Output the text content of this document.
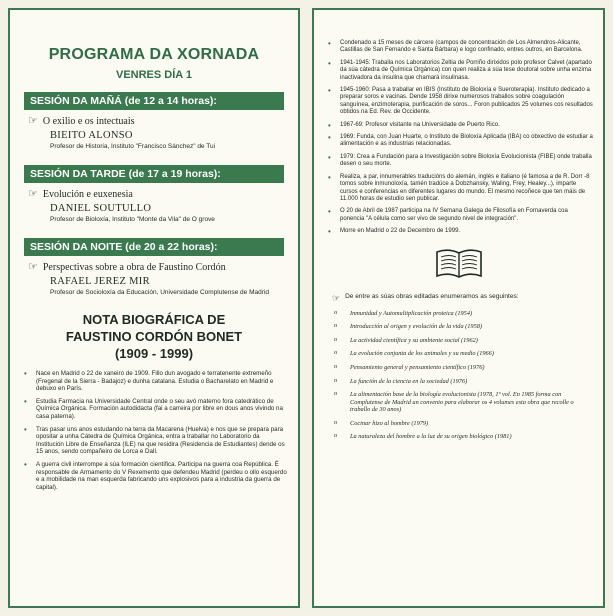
PROGRAMA DA XORNADA
VENRES DÍA 1
SESIÓN DA MAÑÁ (de 12 a 14 horas):
☞ O exilio e os intectuais
BIEITO ALONSO
Profesor de Historia, Instituto "Francisco Sánchez" de Tui
SESIÓN DA TARDE (de 17 a 19 horas):
☞ Evolución e euxenesia
DANIEL SOUTULLO
Profesor de Bioloxía, Instituto "Monte da Vila" de O grove
SESIÓN DA NOITE (de 20 a 22 horas):
☞ Perspectivas sobre a obra de Faustino Cordón
RAFAEL JEREZ MIR
Profesor de Socioloxía da Educación, Universidade Complutense de Madrid
NOTA BIOGRÁFICA DE
FAUSTINO CORDÓN BONET
(1909 - 1999)
• Nace en Madrid o 22 de xaneiro de 1909. Fillo dun avogado e terratenente extremeño (Fregenal de la Sierra - Badajoz) e dunha catalana. Estudia o Bacharelato en Madrid e debuxo en París.
• Estudia Farmacia na Universidade Central onde o seu avó materno fora catedrático de Química Orgánica. Formación autodidacta (fai a carreira por libre en dous anos vivindo na casa paterna).
• Tras pasar uns anos estudando na terra da Macarena (Huelva) e nos que se prepara para opositar a unha Cátedra de Química Orgánica, entra a traballar no Laboratorio da Institución Libre de Enseñanza (ILE) na que residira (Residencia de Estudiantes) dende os 15 anos, sendo compañeiro de Lorca e Dalí.
• A guerra civil interrompe a súa formación científica. Participa na guerra coa República. É responsable de Armamento do V Rexemento que defendeu Madrid (perdeu o ollo esquerdo e a mobilidade na man esquerda fabricando uns explosivos para a industria da guerra de capital).
• Condenado a 15 meses de cárcere (campos de concentración de Los Almendros-Alicante, Castillas de San Fernando e Santa Bárbara) e logo confinado, entres outros, en Barcelona.
• 1941-1945: Traballa nos Laboratorios Zeltia de Porriño dirixidos polo profesor Calvet (apartado da súa cátedra de Química Orgánica) con quen realiza a súa tese doutoral sobre unha enzima inactivadora da insulina que chamará insulinasa.
• 1945-1960: Pasa a traballar en IBIS (Instituto de Bioloxía e Sueroterapia). Instituto dedicado a preparar soros e vacinas. Dende 1958 dirixe numerosos traballos sobre coagulación sanguínea, enzimoterapia, purificación de soros... Foron publicados 25 volumes cos resultados obtidos na Ed. Rev. de Occidente.
• 1967-69: Profesor visitante na Universidade de Puerto Rico.
• 1969: Funda, con Juan Huarte, o Instituto de Bioloxía Aplicada (IBA) co obxectivo de estudiar a alimentación e as industrias relacionadas.
• 1979: Crea a Fundación para a Investigación sobre Bioloxía Evolucionista (FIBE) onde traballa desen o seu morte.
• Realiza, a par, innumerables traducións do alemán, inglés e italiano (é famosa a de R. Dorr -8 tomos sobre inmunoloxía, tamén tradúce a Dobzhansky, Waling, Frey, Healey...), imparte cursos e conferencias en diferentes lugares do mundo. El mesmo recoñece que ten máis de 11.000 horas de estudio sen publicar.
• O 20 de Abril de 1987 participa na IV Semana Galega de Filosofía en Fornaverda coa ponencia "A célula como ser vivo de segundo nivel de integración".
• Morre en Madrid o 22 de Decembro de 1999.
☞ De entre as súas obras editadas enumeramos as seguintes:
o Inmunidad y Automultiplicación proteica (1954)
o Introducción al origen y evolución de la vida (1958)
o La actividad científica y su ambiente social (1962)
o La evolución conjunta de los animales y su medio (1966)
o Pensamiento general y pensamiento científico (1976)
o La función de la ciencia en la sociedad (1976)
o La alimentación base de la biología evolucionista (1978, 1º vol. En 1985 forma con Complutense de Madrid un convenio para elaborar os 4 volumes esta obra que recolle o traballo de 30 anos)
o Cocinar hizo al hombre (1979)
o La naturaleza del hombre a la luz de su origen biológico (1981)
